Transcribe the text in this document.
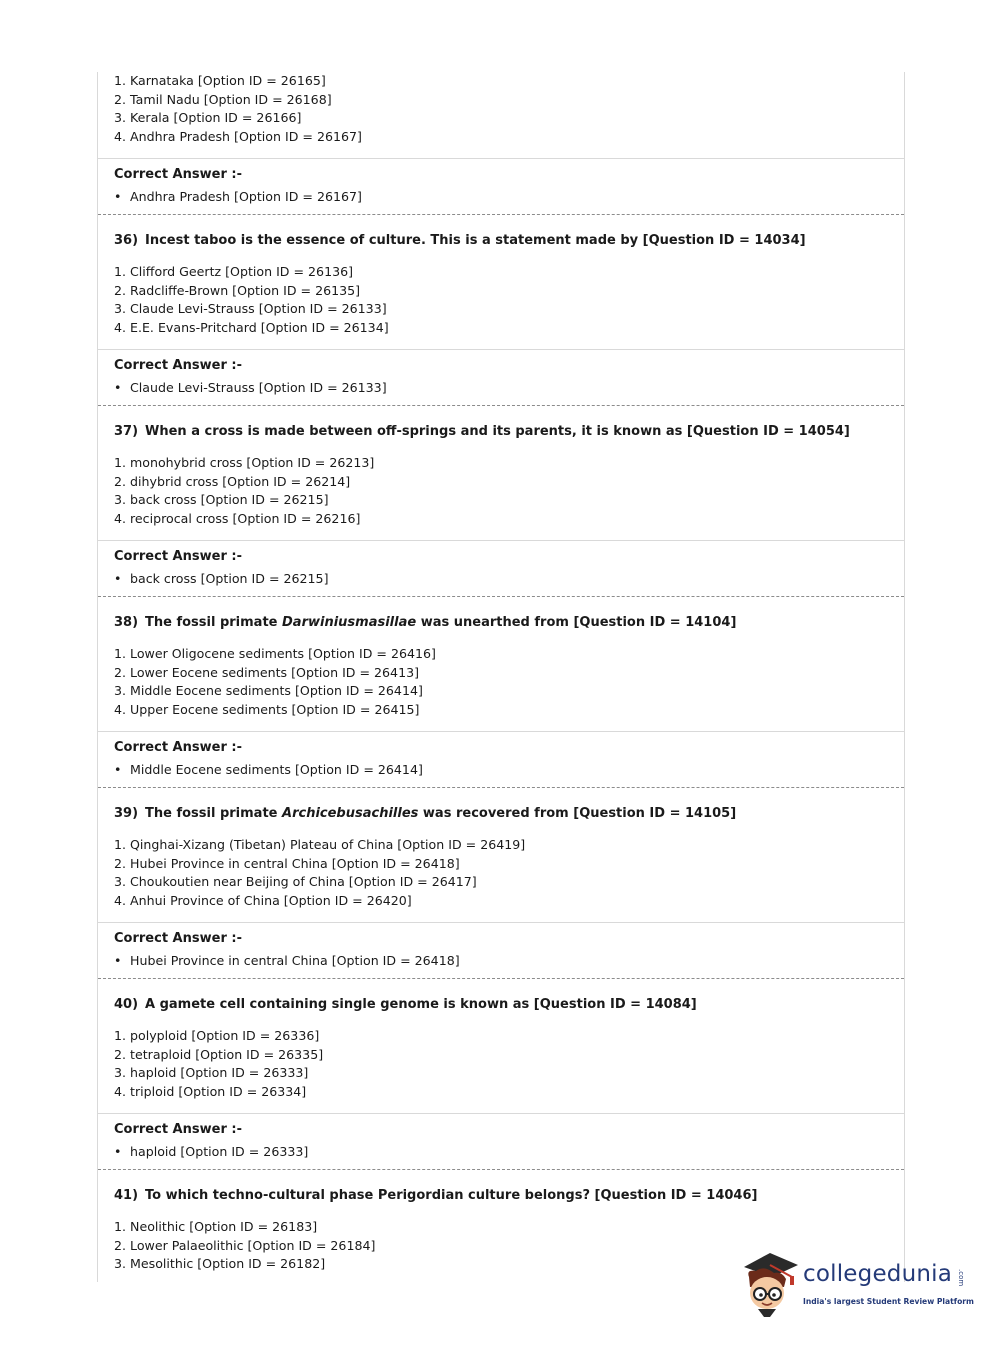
1. Karnataka [Option ID = 26165]
2. Tamil Nadu [Option ID = 26168]
3. Kerala [Option ID = 26166]
4. Andhra Pradesh [Option ID = 26167]
Correct Answer :-
• Andhra Pradesh [Option ID = 26167]
36) Incest taboo is the essence of culture. This is a statement made by [Question ID = 14034]
1. Clifford Geertz [Option ID = 26136]
2. Radcliffe-Brown [Option ID = 26135]
3. Claude Levi-Strauss [Option ID = 26133]
4. E.E. Evans-Pritchard [Option ID = 26134]
Correct Answer :-
• Claude Levi-Strauss [Option ID = 26133]
37) When a cross is made between off-springs and its parents, it is known as [Question ID = 14054]
1. monohybrid cross [Option ID = 26213]
2. dihybrid cross [Option ID = 26214]
3. back cross [Option ID = 26215]
4. reciprocal cross [Option ID = 26216]
Correct Answer :-
• back cross [Option ID = 26215]
38) The fossil primate Darwiniusmasillae was unearthed from [Question ID = 14104]
1. Lower Oligocene sediments [Option ID = 26416]
2. Lower Eocene sediments [Option ID = 26413]
3. Middle Eocene sediments [Option ID = 26414]
4. Upper Eocene sediments [Option ID = 26415]
Correct Answer :-
• Middle Eocene sediments [Option ID = 26414]
39) The fossil primate Archicebusachilles was recovered from [Question ID = 14105]
1. Qinghai-Xizang (Tibetan) Plateau of China [Option ID = 26419]
2. Hubei Province in central China [Option ID = 26418]
3. Choukoutien near Beijing of China [Option ID = 26417]
4. Anhui Province of China [Option ID = 26420]
Correct Answer :-
• Hubei Province in central China [Option ID = 26418]
40) A gamete cell containing single genome is known as [Question ID = 14084]
1. polyploid [Option ID = 26336]
2. tetraploid [Option ID = 26335]
3. haploid [Option ID = 26333]
4. triploid [Option ID = 26334]
Correct Answer :-
• haploid [Option ID = 26333]
41) To which techno-cultural phase Perigordian culture belongs? [Question ID = 14046]
1. Neolithic [Option ID = 26183]
2. Lower Palaeolithic [Option ID = 26184]
3. Mesolithic [Option ID = 26182]	collegedunia .com
India's largest Student Review Platform
